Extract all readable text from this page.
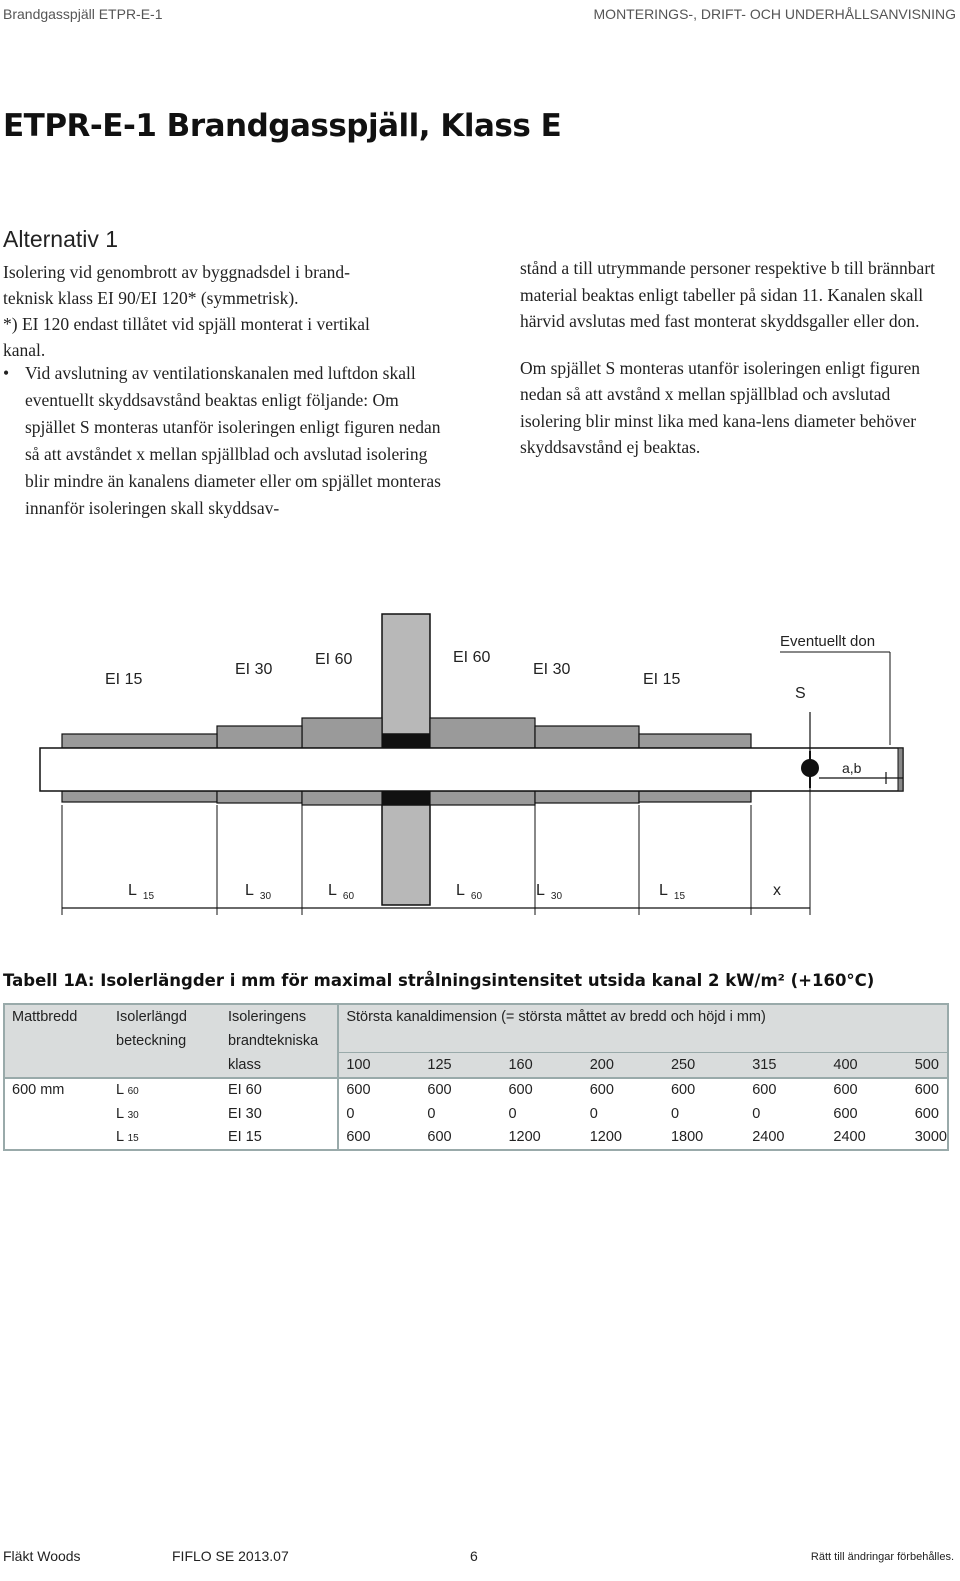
Brandgasspjäll ETPR-E-1	MONTERINGS-, DRIFT- OCH UNDERHÅLLSANVISNING
ETPR-E-1 Brandgasspjäll, Klass E
Alternativ 1

Isolering vid genombrott av byggnadsdel i brand-

teknisk klass EI 90/EI 120* (symmetrisk).

*) EI 120 endast tillåtet vid spjäll monterat i vertikal

kanal.

• Vid avslutning av ventilationskanalen med luftdon skall eventuellt skyddsavstånd beaktas enligt följande: Om spjället S monteras utanför isoleringen enligt figuren nedan så att avståndet x mellan spjällblad och avslutad isolering blir mindre än kanalens diameter eller om spjället monteras innanför isoleringen skall skyddsav-

stånd a till utrymmande personer respektive b till brännbart material beaktas enligt tabeller på sidan 11. Kanalen skall härvid avslutas med fast monterat skyddsgaller eller don.

Om spjället S monteras utanför isoleringen enligt figuren nedan så att avstånd x mellan spjällblad och avslutad isolering blir minst lika med kana-lens diameter behöver skyddsavstånd ej beaktas.

EI 15
EI 30
EI 60	EI 60
EI 30
EI 15
Eventuellt don
S
a,b
L $_{15}$	L $_{30}$	L $_{60}$	L $_{60}$	L $_{30}$	L $_{15}$	x
Tabell 1A: Isolerlängder i mm för maximal strålningsintensitet utsida kanal 2 kW/m² (+160°C)
Mattbredd	Isolerlängd	Isoleringens	Största kanaldimension (= största måttet av bredd och höjd i mm)							
	beteckning	brandtekniska								
		klass	100	125	160	200	250	315	400	500
600 mm	L 60	EI 60	600	600	600	600	600	600	600	600
	L 30	EI 30	0	0	0	0	0	0	600	600
	L 15	EI 15	600	600	1200	1200	1800	2400	2400	3000
Fläkt Woods	FIFLO SE 2013.07	6	Rätt till ändringar förbehålles.
